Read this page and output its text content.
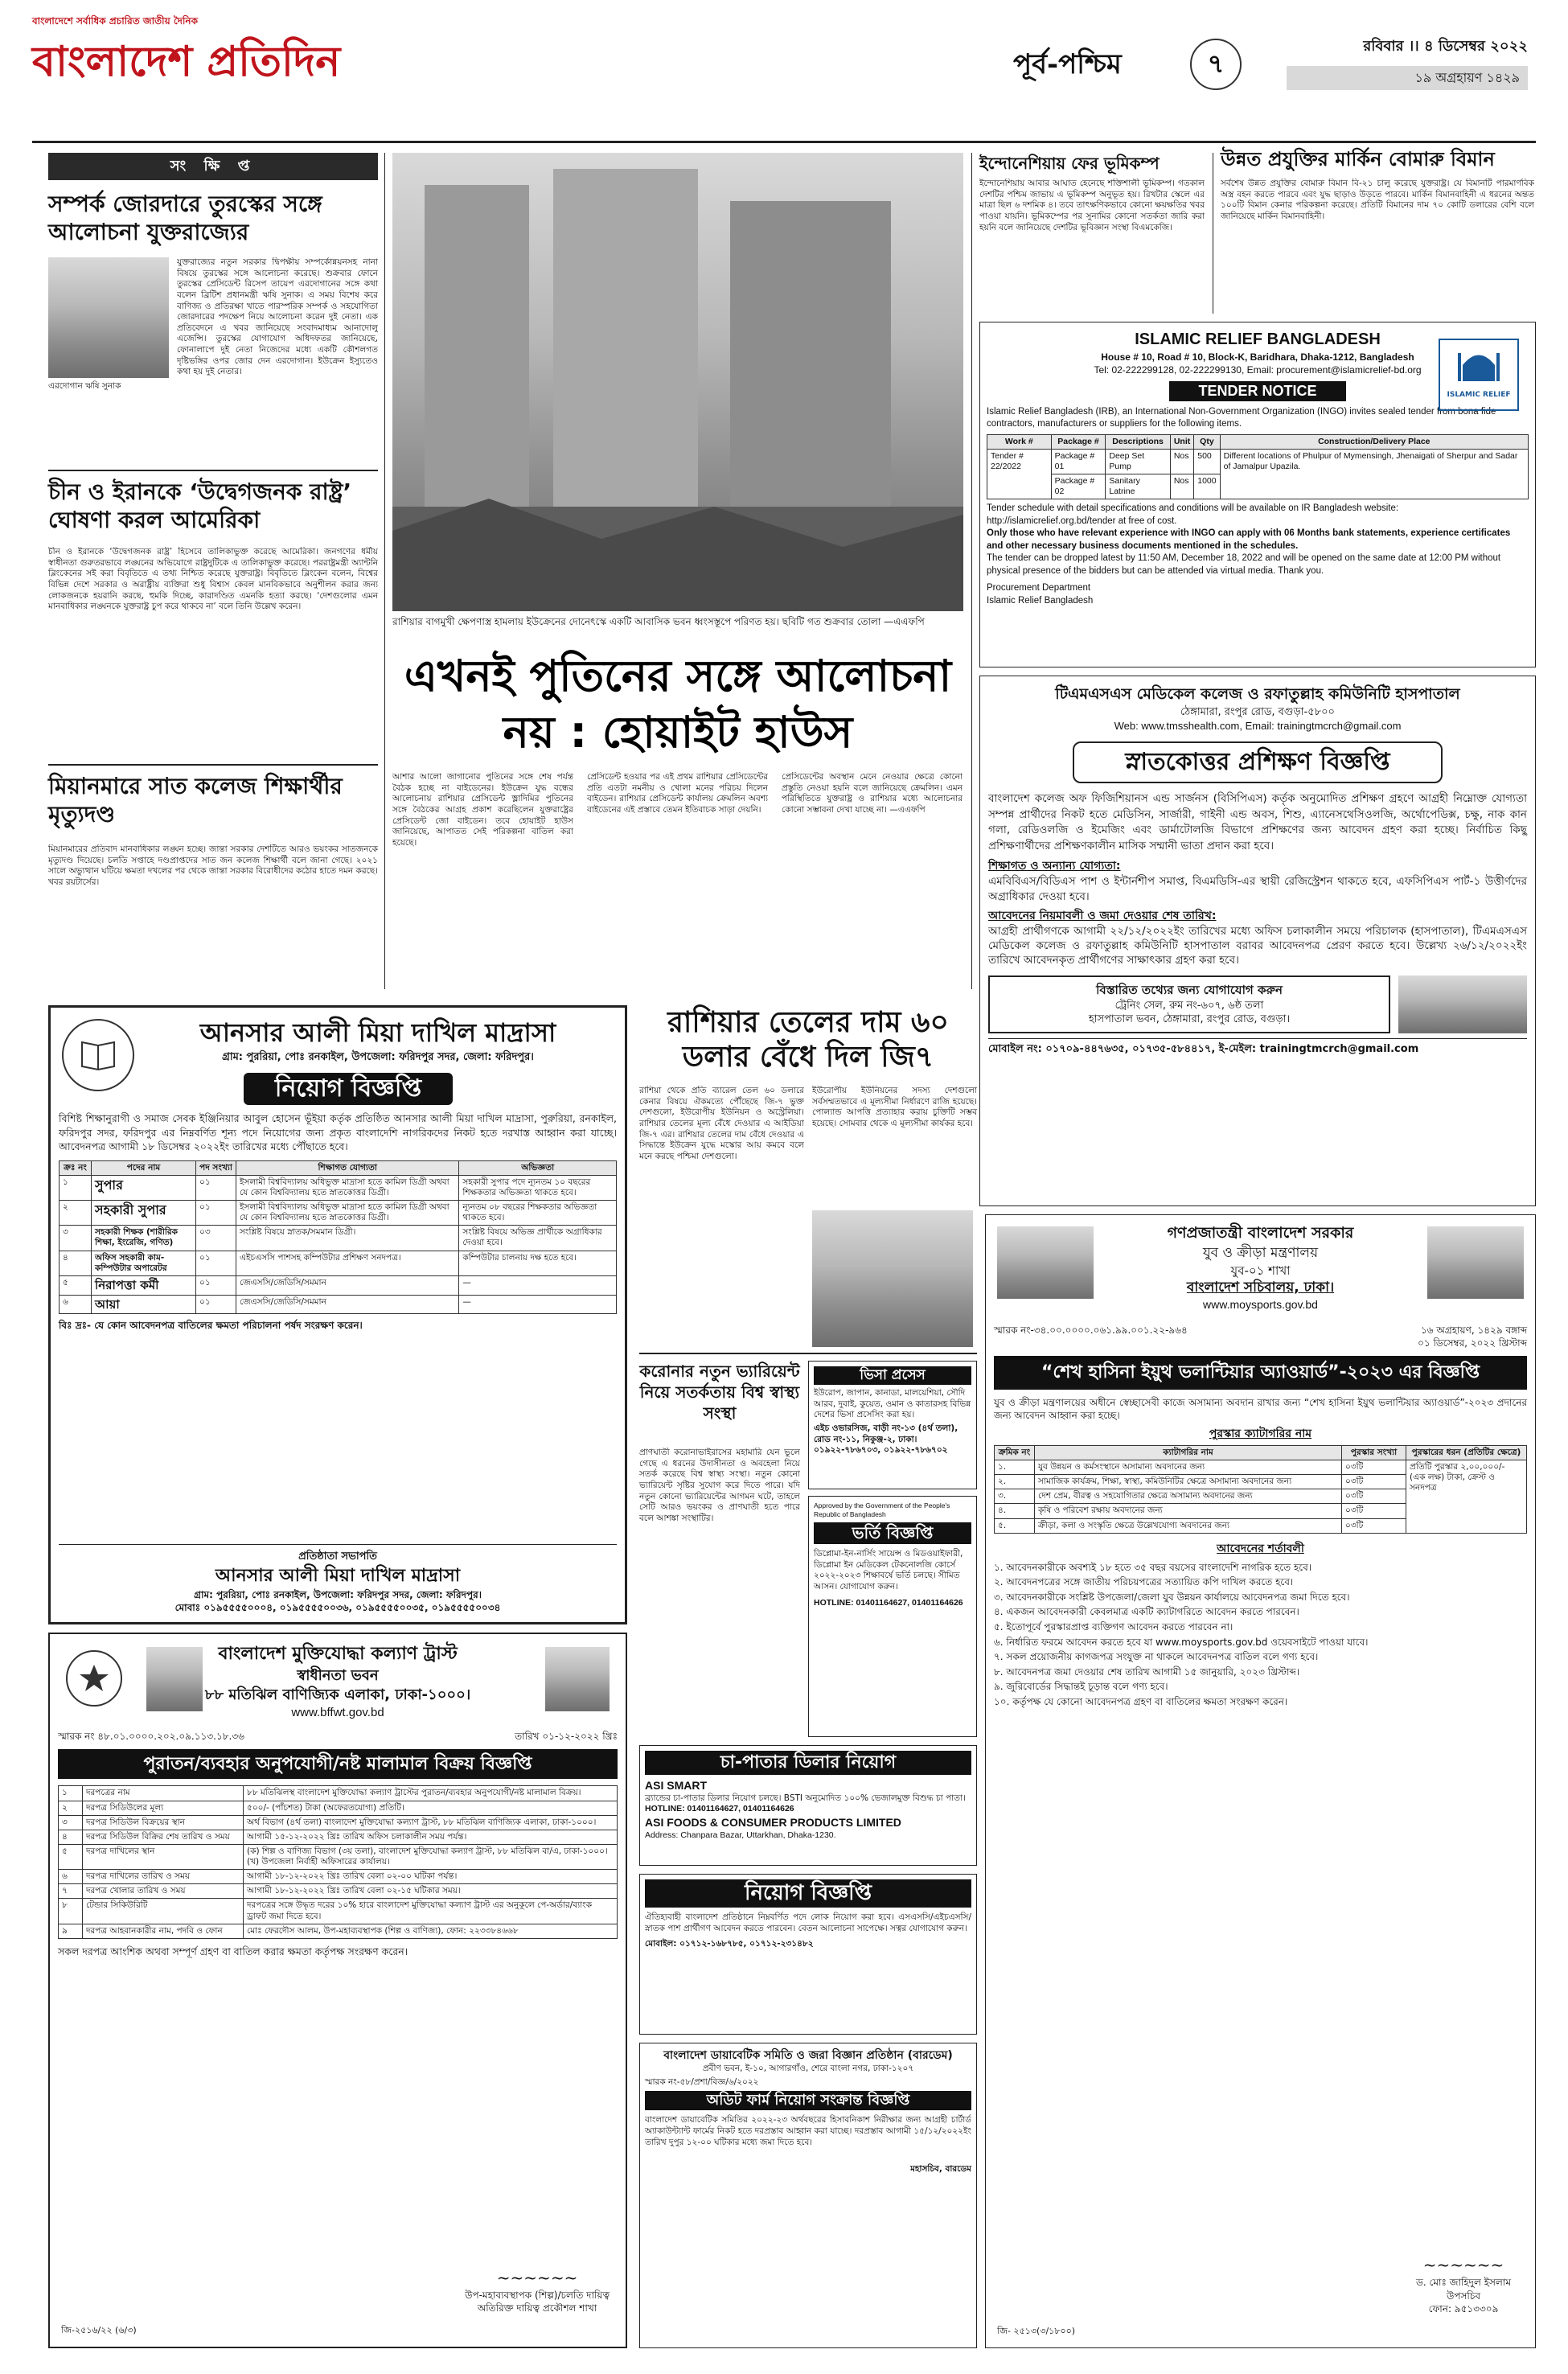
বাংলাদেশে সর্বাধিক প্রচারিত জাতীয় দৈনিক
বাংলাদেশ প্রতিদিন	পূর্ব-পশ্চিম	৭
রবিবার ।। ৪ ডিসেম্বর ২০২২
১৯ অগ্রহায়ণ ১৪২৯
সং ক্ষি প্ত
সম্পর্ক জোরদারে তুরস্কের সঙ্গে আলোচনা যুক্তরাজ্যের
এরদোগান ঋষি সুনাক
যুক্তরাজ্যের নতুন সরকার দ্বিপক্ষীয় সম্পর্কোন্নয়নসহ নানা বিষয়ে তুরস্কের সঙ্গে আলোচনা করেছে। শুক্রবার ফোনে তুরস্কের প্রেসিডেন্ট রিসেপ তায়েপ এরদোগানের সঙ্গে কথা বলেন ব্রিটিশ প্রধানমন্ত্রী ঋষি সুনাক। এ সময় বিশেষ করে বাণিজ্য ও প্রতিরক্ষা খাতে পারস্পরিক সম্পর্ক ও সহযোগিতা জোরদারের পদক্ষেপ নিয়ে আলোচনা করেন দুই নেতা। এক প্রতিবেদনে এ খবর জানিয়েছে সংবাদমাধ্যম আনাদোলু এজেন্সি। তুরস্কের যোগাযোগ অধিদফতর জানিয়েছে, ফোনালাপে দুই নেতা নিজেদের মধ্যে একটি কৌশলগত দৃষ্টিভঙ্গির ওপর জোর দেন এরদোগান। ইউক্রেন ইস্যুতেও কথা হয় দুই নেতার।
চীন ও ইরানকে ‘উদ্বেগজনক রাষ্ট্র’ ঘোষণা করল আমেরিকা
চীন ও ইরানকে ‘উদ্বেগজনক রাষ্ট্র’ হিসেবে তালিকাভুক্ত করেছে আমেরিকা। জনগণের ধর্মীয় স্বাধীনতা গুরুতরভাবে লঙ্ঘনের অভিযোগে রাষ্ট্রদুটিকে এ তালিকাভুক্ত করেছে। পররাষ্ট্রমন্ত্রী অ্যান্টনি ব্লিংকেনের সই করা বিবৃতিতে এ তথ্য নিশ্চিত করেছে যুক্তরাষ্ট্র। বিবৃতিতে ব্লিংকেন বলেন, বিশ্বের বিভিন্ন দেশে সরকার ও অরাষ্ট্রীয় ব্যক্তিরা শুধু বিশ্বাস কেবল মানবিকভাবে অনুশীলন করার জন্য লোকজনকে হয়রানি করছে, হুমকি দিচ্ছে, কারাদণ্ডিত এমনকি হত্যা করছে। ‘দেশগুলোর এমন মানবাধিকার লঙ্ঘনকে যুক্তরাষ্ট্র চুপ করে থাকবে না’ বলে তিনি উল্লেখ করেন।
মিয়ানমারে সাত কলেজ শিক্ষার্থীর মৃত্যুদণ্ড
মিয়ানমারের প্রতিবাদ মানবাধিকার লঙ্ঘন হচ্ছে। জান্তা সরকার দেশটিতে আরও ভয়ংকর সাতজনকে মৃত্যুদণ্ড দিয়েছে। চলতি সপ্তাহে দণ্ডপ্রাপ্তদের সাত জন কলেজ শিক্ষার্থী বলে জানা গেছে। ২০২১ সালে অভ্যুত্থান ঘটিয়ে ক্ষমতা দখলের পর থেকে জান্তা সরকার বিরোধীদের কঠোর হাতে দমন করছে। খবর রয়টার্সের।
রাশিয়ার বাগমুখী ক্ষেপণাস্ত্র হামলায় ইউক্রেনের দোনেৎস্কে একটি আবাসিক ভবন ধ্বংসস্তূপে পরিণত হয়। ছবিটি গত শুক্রবার তোলা —এএফপি
এখনই পুতিনের সঙ্গে আলোচনা
নয় : হোয়াইট হাউস
আশার আলো জাগানোর পুতিনের সঙ্গে শেষ পর্যন্ত বৈঠক হচ্ছে না বাইডেনের। ইউক্রেন যুদ্ধ বন্ধের আলোচনায় রাশিয়ার প্রেসিডেন্ট ভ্লাদিমির পুতিনের সঙ্গে বৈঠকের আগ্রহ প্রকাশ করেছিলেন যুক্তরাষ্ট্রের প্রেসিডেন্ট জো বাইডেন। তবে হোয়াইট হাউস জানিয়েছে, আপাতত সেই পরিকল্পনা বাতিল করা হয়েছে।
প্রেসিডেন্ট হওয়ার পর এই প্রথম রাশিয়ার প্রেসিডেন্টের প্রতি এতটা নমনীয় ও খোলা মনের পরিচয় দিলেন বাইডেন। রাশিয়ার প্রেসিডেন্ট কার্যালয় ক্রেমলিন অবশ্য বাইডেনের এই প্রস্তাবে তেমন ইতিবাচক সাড়া দেয়নি।
প্রেসিডেন্টের অবস্থান মেনে নেওয়ার ক্ষেত্রে কোনো প্রস্তুতি নেওয়া হয়নি বলে জানিয়েছে ক্রেমলিন। এমন পরিস্থিতিতে যুক্তরাষ্ট্র ও রাশিয়ার মধ্যে আলোচনার কোনো সম্ভাবনা দেখা যাচ্ছে না। —এএফপি
ইন্দোনেশিয়ায় ফের ভূমিকম্প
ইন্দোনেশিয়ায় আবার আঘাত হেনেছে শক্তিশালী ভূমিকম্প। গতকাল দেশটির পশ্চিম জাভায় এ ভূমিকম্প অনুভূত হয়। রিখটার স্কেলে এর মাত্রা ছিল ৬ দশমিক ৪। তবে তাৎক্ষণিকভাবে কোনো ক্ষয়ক্ষতির খবর পাওয়া যায়নি। ভূমিকম্পের পর সুনামির কোনো সতর্কতা জারি করা হয়নি বলে জানিয়েছে দেশটির ভূবিজ্ঞান সংস্থা বিএমকেজি।
উন্নত প্রযুক্তির মার্কিন বোমারু বিমান
সর্বশেষ উন্নত প্রযুক্তির বোমারু বিমান বি-২১ চালু করেছে যুক্তরাষ্ট্র। যে বিমানটি পারমাণবিক অস্ত্র বহন করতে পারবে এবং যুদ্ধ ছাড়াও উড়তে পারবে। মার্কিন বিমানবাহিনী এ ধরনের অন্তত ১০০টি বিমান কেনার পরিকল্পনা করেছে। প্রতিটি বিমানের দাম ৭০ কোটি ডলারের বেশি বলে জানিয়েছে মার্কিন বিমানবাহিনী।
ISLAMIC RELIEF
ISLAMIC RELIEF BANGLADESH
House # 10, Road # 10, Block-K, Baridhara, Dhaka-1212, Bangladesh
Tel: 02-222299128, 02-222299130, Email: procurement@islamicrelief-bd.org
TENDER NOTICE
Islamic Relief Bangladesh (IRB), an International Non-Government Organization (INGO) invites sealed tender from bona fide contractors, manufacturers or suppliers for the following items.
Work #	Package #	Descriptions	Unit	Qty	Construction/Delivery Place
Tender # 22/2022	Package # 01	Deep Set Pump	Nos	500	Different locations of Phulpur of Mymensingh, Jhenaigati of Sherpur and Sadar of Jamalpur Upazila.
	Package # 02	Sanitary Latrine	Nos	1000	
Tender schedule with detail specifications and conditions will be available on IR Bangladesh website: http://islamicrelief.org.bd/tender at free of cost.
Only those who have relevant experience with INGO can apply with 06 Months bank statements, experience certificates and other necessary business documents mentioned in the schedules.
The tender can be dropped latest by 11:50 AM, December 18, 2022 and will be opened on the same date at 12:00 PM without physical presence of the bidders but can be attended via virtual media. Thank you.
Procurement Department
Islamic Relief Bangladesh
টিএমএসএস মেডিকেল কলেজ ও রফাতুল্লাহ কমিউনিটি হাসপাতাল
ঠেঙ্গামারা, রংপুর রোড, বগুড়া-৫৮০০
Web: www.tmsshealth.com, Email: trainingtmcrch@gmail.com
স্নাতকোত্তর প্রশিক্ষণ বিজ্ঞপ্তি
বাংলাদেশ কলেজ অফ ফিজিশিয়ানস এন্ড সার্জনস (বিসিপিএস) কর্তৃক অনুমোদিত প্রশিক্ষণ গ্রহণে আগ্রহী নিম্নোক্ত যোগ্যতা সম্পন্ন প্রার্থীদের নিকট হতে মেডিসিন, সার্জারী, গাইনী এন্ড অবস, শিশু, এ্যানেসথেসিওলজি, অর্থোপেডিক্স, চক্ষু, নাক কান গলা, রেডিওলজি ও ইমেজিং এবং ডার্মাটোলজি বিভাগে প্রশিক্ষণের জন্য আবেদন গ্রহণ করা হচ্ছে। নির্বাচিত কিছু প্রশিক্ষণার্থীদের প্রশিক্ষণকালীন মাসিক সম্মানী ভাতা প্রদান করা হবে।
শিক্ষাগত ও অন্যান্য যোগ্যতা:
এমবিবিএস/বিডিএস পাশ ও ইন্টার্নশীপ সমাপ্ত, বিএমডিসি-এর স্থায়ী রেজিস্ট্রেশন থাকতে হবে, এফসিপিএস পার্ট-১ উত্তীর্ণদের অগ্রাধিকার দেওয়া হবে।
আবেদনের নিয়মাবলী ও জমা দেওয়ার শেষ তারিখ:
আগ্রহী প্রার্থীগণকে আগামী ২২/১২/২০২২ইং তারিখের মধ্যে অফিস চলাকালীন সময়ে পরিচালক (হাসপাতাল), টিএমএসএস মেডিকেল কলেজ ও রফাতুল্লাহ কমিউনিটি হাসপাতাল বরাবর আবেদনপত্র প্রেরণ করতে হবে। উল্লেখ্য ২৬/১২/২০২২ইং তারিখে আবেদনকৃত প্রার্থীগণের সাক্ষাৎকার গ্রহণ করা হবে।
বিস্তারিত তথ্যের জন্য যোগাযোগ করুন
ট্রেনিং সেল, রুম নং-৬০৭, ৬ষ্ঠ তলা
হাসপাতাল ভবন, ঠেঙ্গামারা, রংপুর রোড, বগুড়া।
মোবাইল নং: ০১৭০৯-৪৪৭৬৩৫, ০১৭৩৫-৫৮৪৪১৭, ই-মেইল: trainingtmcrch@gmail.com
আনসার আলী মিয়া দাখিল মাদ্রাসা
গ্রাম: পুররিয়া, পোঃ রনকাইল, উপজেলা: ফরিদপুর সদর, জেলা: ফরিদপুর।
নিয়োগ বিজ্ঞপ্তি
বিশিষ্ট শিক্ষানুরাগী ও সমাজ সেবক ইঞ্জিনিয়ার আবুল হোসেন ভূঁইয়া কর্তৃক প্রতিষ্ঠিত আনসার আলী মিয়া দাখিল মাদ্রাসা, পুরুরিয়া, রনকাইল, ফরিদপুর সদর, ফরিদপুর এর নিম্নবর্ণিত শূন্য পদে নিয়োগের জন্য প্রকৃত বাংলাদেশি নাগরিকদের নিকট হতে দরখাস্ত আহ্বান করা যাচ্ছে। আবেদনপত্র আগামী ১৮ ডিসেম্বর ২০২২ইং তারিখের মধ্যে পৌঁছাতে হবে।
ক্রঃ নং	পদের নাম	পদ সংখ্যা	শিক্ষাগত যোগ্যতা	অভিজ্ঞতা
১	সুপার	০১	ইসলামী বিশ্ববিদ্যালয় অধিভুক্ত মাদ্রাসা হতে কামিল ডিগ্রী অথবা যে কোন বিশ্ববিদ্যালয় হতে স্নাতকোত্তর ডিগ্রী।	সহকারী সুপার পদে ন্যূনতম ১০ বছরের শিক্ষকতার অভিজ্ঞতা থাকতে হবে।
২	সহকারী সুপার	০১	ইসলামী বিশ্ববিদ্যালয় অধিভুক্ত মাদ্রাসা হতে কামিল ডিগ্রী অথবা যে কোন বিশ্ববিদ্যালয় হতে স্নাতকোত্তর ডিগ্রী।	ন্যূনতম ০৮ বছরের শিক্ষকতার অভিজ্ঞতা থাকতে হবে।
৩	সহকারী শিক্ষক (শারীরিক শিক্ষা, ইংরেজি, গণিত)	০৩	সংশ্লিষ্ট বিষয়ে স্নাতক/সমমান ডিগ্রী।	সংশ্লিষ্ট বিষয়ে অভিজ্ঞ প্রার্থীকে অগ্রাধিকার দেওয়া হবে।
৪	অফিস সহকারী কাম-কম্পিউটার অপারেটর	০১	এইচএসসি পাশসহ কম্পিউটার প্রশিক্ষণ সনদপত্র।	কম্পিউটার চালনায় দক্ষ হতে হবে।
৫	নিরাপত্তা কর্মী	০১	জেএসসি/জেডিসি/সমমান	—
৬	আয়া	০১	জেএসসি/জেডিসি/সমমান	—
বিঃ দ্রঃ- যে কোন আবেদনপত্র বাতিলের ক্ষমতা পরিচালনা পর্ষদ সংরক্ষণ করেন।
প্রতিষ্ঠাতা সভাপতি
আনসার আলী মিয়া দাখিল মাদ্রাসা
গ্রাম: পুররিয়া, পোঃ রনকাইল, উপজেলা: ফরিদপুর সদর, জেলা: ফরিদপুর।
মোবাঃ ০১৯৫৫৫৫০০০৪, ০১৯৫৫৫৫০০৩৬, ০১৯৫৫৫৫০০৩৫, ০১৯৫৫৫৫০০৩৪
রাশিয়ার তেলের দাম ৬০ ডলার বেঁধে দিল জি৭
রাশিয়া থেকে প্রতি ব্যারেল তেল ৬০ ডলারে কেনার বিষয়ে ঐকমত্যে পৌঁছেছে জি-৭ ভুক্ত দেশগুলো, ইউরোপীয় ইউনিয়ন ও অস্ট্রেলিয়া। রাশিয়ার তেলের মূল্য বেঁধে দেওয়ার এ আইডিয়া জি-৭ এর। রাশিয়ার তেলের দাম বেঁধে দেওয়ার এ সিদ্ধান্তে ইউক্রেন যুদ্ধে মস্কোর আয় কমবে বলে মনে করছে পশ্চিমা দেশগুলো।
ইউরোপীয় ইউনিয়নের সদস্য দেশগুলো সর্বসম্মতভাবে এ মূল্যসীমা নির্ধারণে রাজি হয়েছে। পোল্যান্ড আপত্তি প্রত্যাহার করায় চুক্তিটি সম্ভব হয়েছে। সোমবার থেকে এ মূল্যসীমা কার্যকর হবে।
করোনার নতুন ভ্যারিয়েন্ট নিয়ে সতর্কতায় বিশ্ব স্বাস্থ্য সংস্থা
প্রাণঘাতী করোনাভাইরাসের মহামারি যেন ভুলে গেছে এ ধরনের উদাসীনতা ও অবহেলা নিয়ে সতর্ক করেছে বিশ্ব স্বাস্থ্য সংস্থা। নতুন কোনো ভ্যারিয়েন্ট সৃষ্টির সুযোগ করে দিতে পারে। যদি নতুন কোনো ভ্যারিয়েন্টের আগমন ঘটে, তাহলে সেটি আরও ভয়ংকর ও প্রাণঘাতী হতে পারে বলে আশঙ্কা সংস্থাটির।
ভিসা প্রসেস
ইউরোপ, জাপান, কানাডা, মালয়েশিয়া, সৌদি আরব, দুবাই, কুয়েত, ওমান ও কাতারসহ বিভিন্ন দেশের ভিসা প্রসেসিং করা হয়।
এইচ ওভারসিজ, বাড়ী নং-১৩ (৪র্থ তলা), রোড নং-১১, নিকুঞ্জ-২, ঢাকা।
০১৯২২-৭৮৬৭০৩, ০১৯২২-৭৮৬৭০২
Approved by the Government of the People's Republic of Bangladesh
ভর্তি বিজ্ঞপ্তি
ডিপ্লোমা-ইন-নার্সিং সায়েন্স ও মিডওয়াইফারী, ডিপ্লোমা ইন মেডিকেল টেকনোলজি কোর্সে ২০২২-২০২৩ শিক্ষাবর্ষে ভর্তি চলছে। সীমিত আসন। যোগাযোগ করুন।
HOTLINE: 01401164627, 01401164626
চা-পাতার ডিলার নিয়োগ
ASI SMART
ব্র্যান্ডের চা-পাতার ডিলার নিয়োগ চলছে। BSTI অনুমোদিত ১০০% ভেজালমুক্ত বিশুদ্ধ চা পাতা।
HOTLINE: 01401164627, 01401164626
ASI FOODS & CONSUMER PRODUCTS LIMITED
Address: Chanpara Bazar, Uttarkhan, Dhaka-1230.
নিয়োগ বিজ্ঞপ্তি
ঐতিহ্যবাহী বাংলাদেশ প্রতিষ্ঠানে নিম্নবর্ণিত পদে লোক নিয়োগ করা হবে। এসএসসি/এইচএসসি/স্নাতক পাশ প্রার্থীগণ আবেদন করতে পারবেন। বেতন আলোচনা সাপেক্ষে। সত্বর যোগাযোগ করুন।
মোবাইল: ০১৭১২-১৬৮৭৮৫, ০১৭১২-২৩১৪৮২
বাংলাদেশ ডায়াবেটিক সমিতি ও জরা বিজ্ঞান প্রতিষ্ঠান (বারডেম)
প্রবীণ ভবন, ই-১০, আগারগাঁও, শেরে বাংলা নগর, ঢাকা-১২০৭
স্মারক নং-৫৮/প্রশা/বিজ্ঞ/৬/২০২২
অডিট ফার্ম নিয়োগ সংক্রান্ত বিজ্ঞপ্তি
বাংলাদেশ ডায়াবেটিক সমিতির ২০২২-২৩ অর্থবছরের হিসাবনিকাশ নিরীক্ষার জন্য আগ্রহী চার্টার্ড অ্যাকাউন্ট্যান্ট ফার্মের নিকট হতে দরপ্রস্তাব আহ্বান করা যাচ্ছে। দরপ্রস্তাব আগামী ১৫/১২/২০২২ইং তারিখ দুপুর ১২-০০ ঘটিকার মধ্যে জমা দিতে হবে।
মহাসচিব, বারডেম
বাংলাদেশ মুক্তিযোদ্ধা কল্যাণ ট্রাস্ট
স্বাধীনতা ভবন
৮৮ মতিঝিল বাণিজ্যিক এলাকা, ঢাকা-১০০০।
www.bffwt.gov.bd
স্মারক নং ৪৮.০১.০০০০.২০২.০৯.১১৩.১৮.৩৬	তারিখ ০১-১২-২০২২ খ্রিঃ
পুরাতন/ব্যবহার অনুপযোগী/নষ্ট মালামাল বিক্রয় বিজ্ঞপ্তি
১	দরপত্রের নাম	৮৮ মতিঝিলস্থ বাংলাদেশ মুক্তিযোদ্ধা কল্যাণ ট্রাস্টের পুরাতন/ব্যবহার অনুপযোগী/নষ্ট মালামাল বিক্রয়।
২	দরপত্র সিডিউলের মূল্য	৫০০/- (পাঁচশত) টাকা (অফেরতযোগ্য) প্রতিটি।
৩	দরপত্র সিডিউল বিক্রয়ের স্থান	অর্থ বিভাগ (৪র্থ তলা) বাংলাদেশ মুক্তিযোদ্ধা কল্যাণ ট্রাস্ট, ৮৮ মতিঝিল বাণিজ্যিক এলাকা, ঢাকা-১০০০।
৪	দরপত্র সিডিউল বিক্রির শেষ তারিখ ও সময়	আগামী ১৫-১২-২০২২ খ্রিঃ তারিখ অফিস চলাকালীন সময় পর্যন্ত।
৫	দরপত্র দাখিলের স্থান	(ক) শিল্প ও বাণিজ্য বিভাগ (৩য় তলা), বাংলাদেশ মুক্তিযোদ্ধা কল্যাণ ট্রাস্ট, ৮৮ মতিঝিল বা/এ, ঢাকা-১০০০। (খ) উপজেলা নির্বাহী অফিসারের কার্যালয়।
৬	দরপত্র দাখিলের তারিখ ও সময়	আগামী ১৮-১২-২০২২ খ্রিঃ তারিখ বেলা ০২-০০ ঘটিকা পর্যন্ত।
৭	দরপত্র খোলার তারিখ ও সময়	আগামী ১৮-১২-২০২২ খ্রিঃ তারিখ বেলা ০২-১৫ ঘটিকার সময়।
৮	টেন্ডার সিকিউরিটি	দরপত্রের সঙ্গে উদ্ধৃত দরের ১০% হারে বাংলাদেশ মুক্তিযোদ্ধা কল্যাণ ট্রাস্ট এর অনুকূলে পে-অর্ডার/ব্যাংক ড্রাফট জমা দিতে হবে।
৯	দরপত্র আহবানকারীর নাম, পদবি ও ফোন	মোঃ ফেরদৌস আলম, উপ-মহাব্যবস্থাপক (শিল্প ও বাণিজ্য), ফোন: ২২৩৩৮৪৬৬৮
সকল দরপত্র আংশিক অথবা সম্পূর্ণ গ্রহণ বা বাতিল করার ক্ষমতা কর্তৃপক্ষ সংরক্ষণ করেন।
~~~~~~
উপ-মহাব্যবস্থাপক (শিল্প)/চলতি দায়িত্ব
অতিরিক্ত দায়িত্ব প্রকৌশল শাখা
জি-২৫১৬/২২ (৬/৩)
গণপ্রজাতন্ত্রী বাংলাদেশ সরকার
যুব ও ক্রীড়া মন্ত্রণালয়
যুব-০১ শাখা
বাংলাদেশ সচিবালয়, ঢাকা।
www.moysports.gov.bd
স্মারক নং-৩৪.০০.০০০০.০৬১.৯৯.০০১.২২-৯৬৪	১৬ অগ্রহায়ণ, ১৪২৯ বঙ্গাব্দ
০১ ডিসেম্বর, ২০২২ খ্রিস্টাব্দ
“শেখ হাসিনা ইয়ুথ ভলান্টিয়ার অ্যাওয়ার্ড”-২০২৩ এর বিজ্ঞপ্তি
যুব ও ক্রীড়া মন্ত্রণালয়ের অধীনে স্বেচ্ছাসেবী কাজে অসামান্য অবদান রাখার জন্য “শেখ হাসিনা ইয়ুথ ভলান্টিয়ার অ্যাওয়ার্ড”-২০২৩ প্রদানের জন্য আবেদন আহ্বান করা হচ্ছে।
পুরস্কার ক্যাটাগরির নাম
ক্রমিক নং	ক্যাটাগরির নাম	পুরস্কার সংখ্যা	পুরস্কারের ধরন (প্রতিটির ক্ষেত্রে)
১.	যুব উন্নয়ন ও কর্মসংস্থানে অসামান্য অবদানের জন্য	০৩টি	প্রতিটি পুরস্কার ২,০০,০০০/- (এক লক্ষ) টাকা, ক্রেস্ট ও সনদপত্র
২.	সামাজিক কার্যক্রম, শিক্ষা, স্বাস্থ্য, কমিউনিটির ক্ষেত্রে অসামান্য অবদানের জন্য	০৩টি	
৩.	দেশ প্রেম, বীরত্ব ও সহযোগিতার ক্ষেত্রে অসামান্য অবদানের জন্য	০৩টি	
৪.	কৃষি ও পরিবেশ রক্ষায় অবদানের জন্য	০৩টি	
৫.	ক্রীড়া, কলা ও সংস্কৃতি ক্ষেত্রে উল্লেখযোগ্য অবদানের জন্য	০৩টি	
আবেদনের শর্তাবলী
১. আবেদনকারীকে অবশ্যই ১৮ হতে ৩৫ বছর বয়সের বাংলাদেশি নাগরিক হতে হবে।
২. আবেদনপত্রের সঙ্গে জাতীয় পরিচয়পত্রের সত্যায়িত কপি দাখিল করতে হবে।
৩. আবেদনকারীকে সংশ্লিষ্ট উপজেলা/জেলা যুব উন্নয়ন কার্যালয়ে আবেদনপত্র জমা দিতে হবে।
৪. একজন আবেদনকারী কেবলমাত্র একটি ক্যাটাগরিতে আবেদন করতে পারবেন।
৫. ইতোপূর্বে পুরস্কারপ্রাপ্ত ব্যক্তিগণ আবেদন করতে পারবেন না।
৬. নির্ধারিত ফরমে আবেদন করতে হবে যা www.moysports.gov.bd ওয়েবসাইটে পাওয়া যাবে।
৭. সকল প্রয়োজনীয় কাগজপত্র সংযুক্ত না থাকলে আবেদনপত্র বাতিল বলে গণ্য হবে।
৮. আবেদনপত্র জমা দেওয়ার শেষ তারিখ আগামী ১৫ জানুয়ারি, ২০২৩ খ্রিস্টাব্দ।
৯. জুরিবোর্ডের সিদ্ধান্তই চূড়ান্ত বলে গণ্য হবে।
১০. কর্তৃপক্ষ যে কোনো আবেদনপত্র গ্রহণ বা বাতিলের ক্ষমতা সংরক্ষণ করেন।
~~~~~~
ড. মোঃ জাহিদুল ইসলাম
উপসচিব
ফোন: ৯৫১৩৩০৯
জি- ২৫১৩(৩/১৮০০)
